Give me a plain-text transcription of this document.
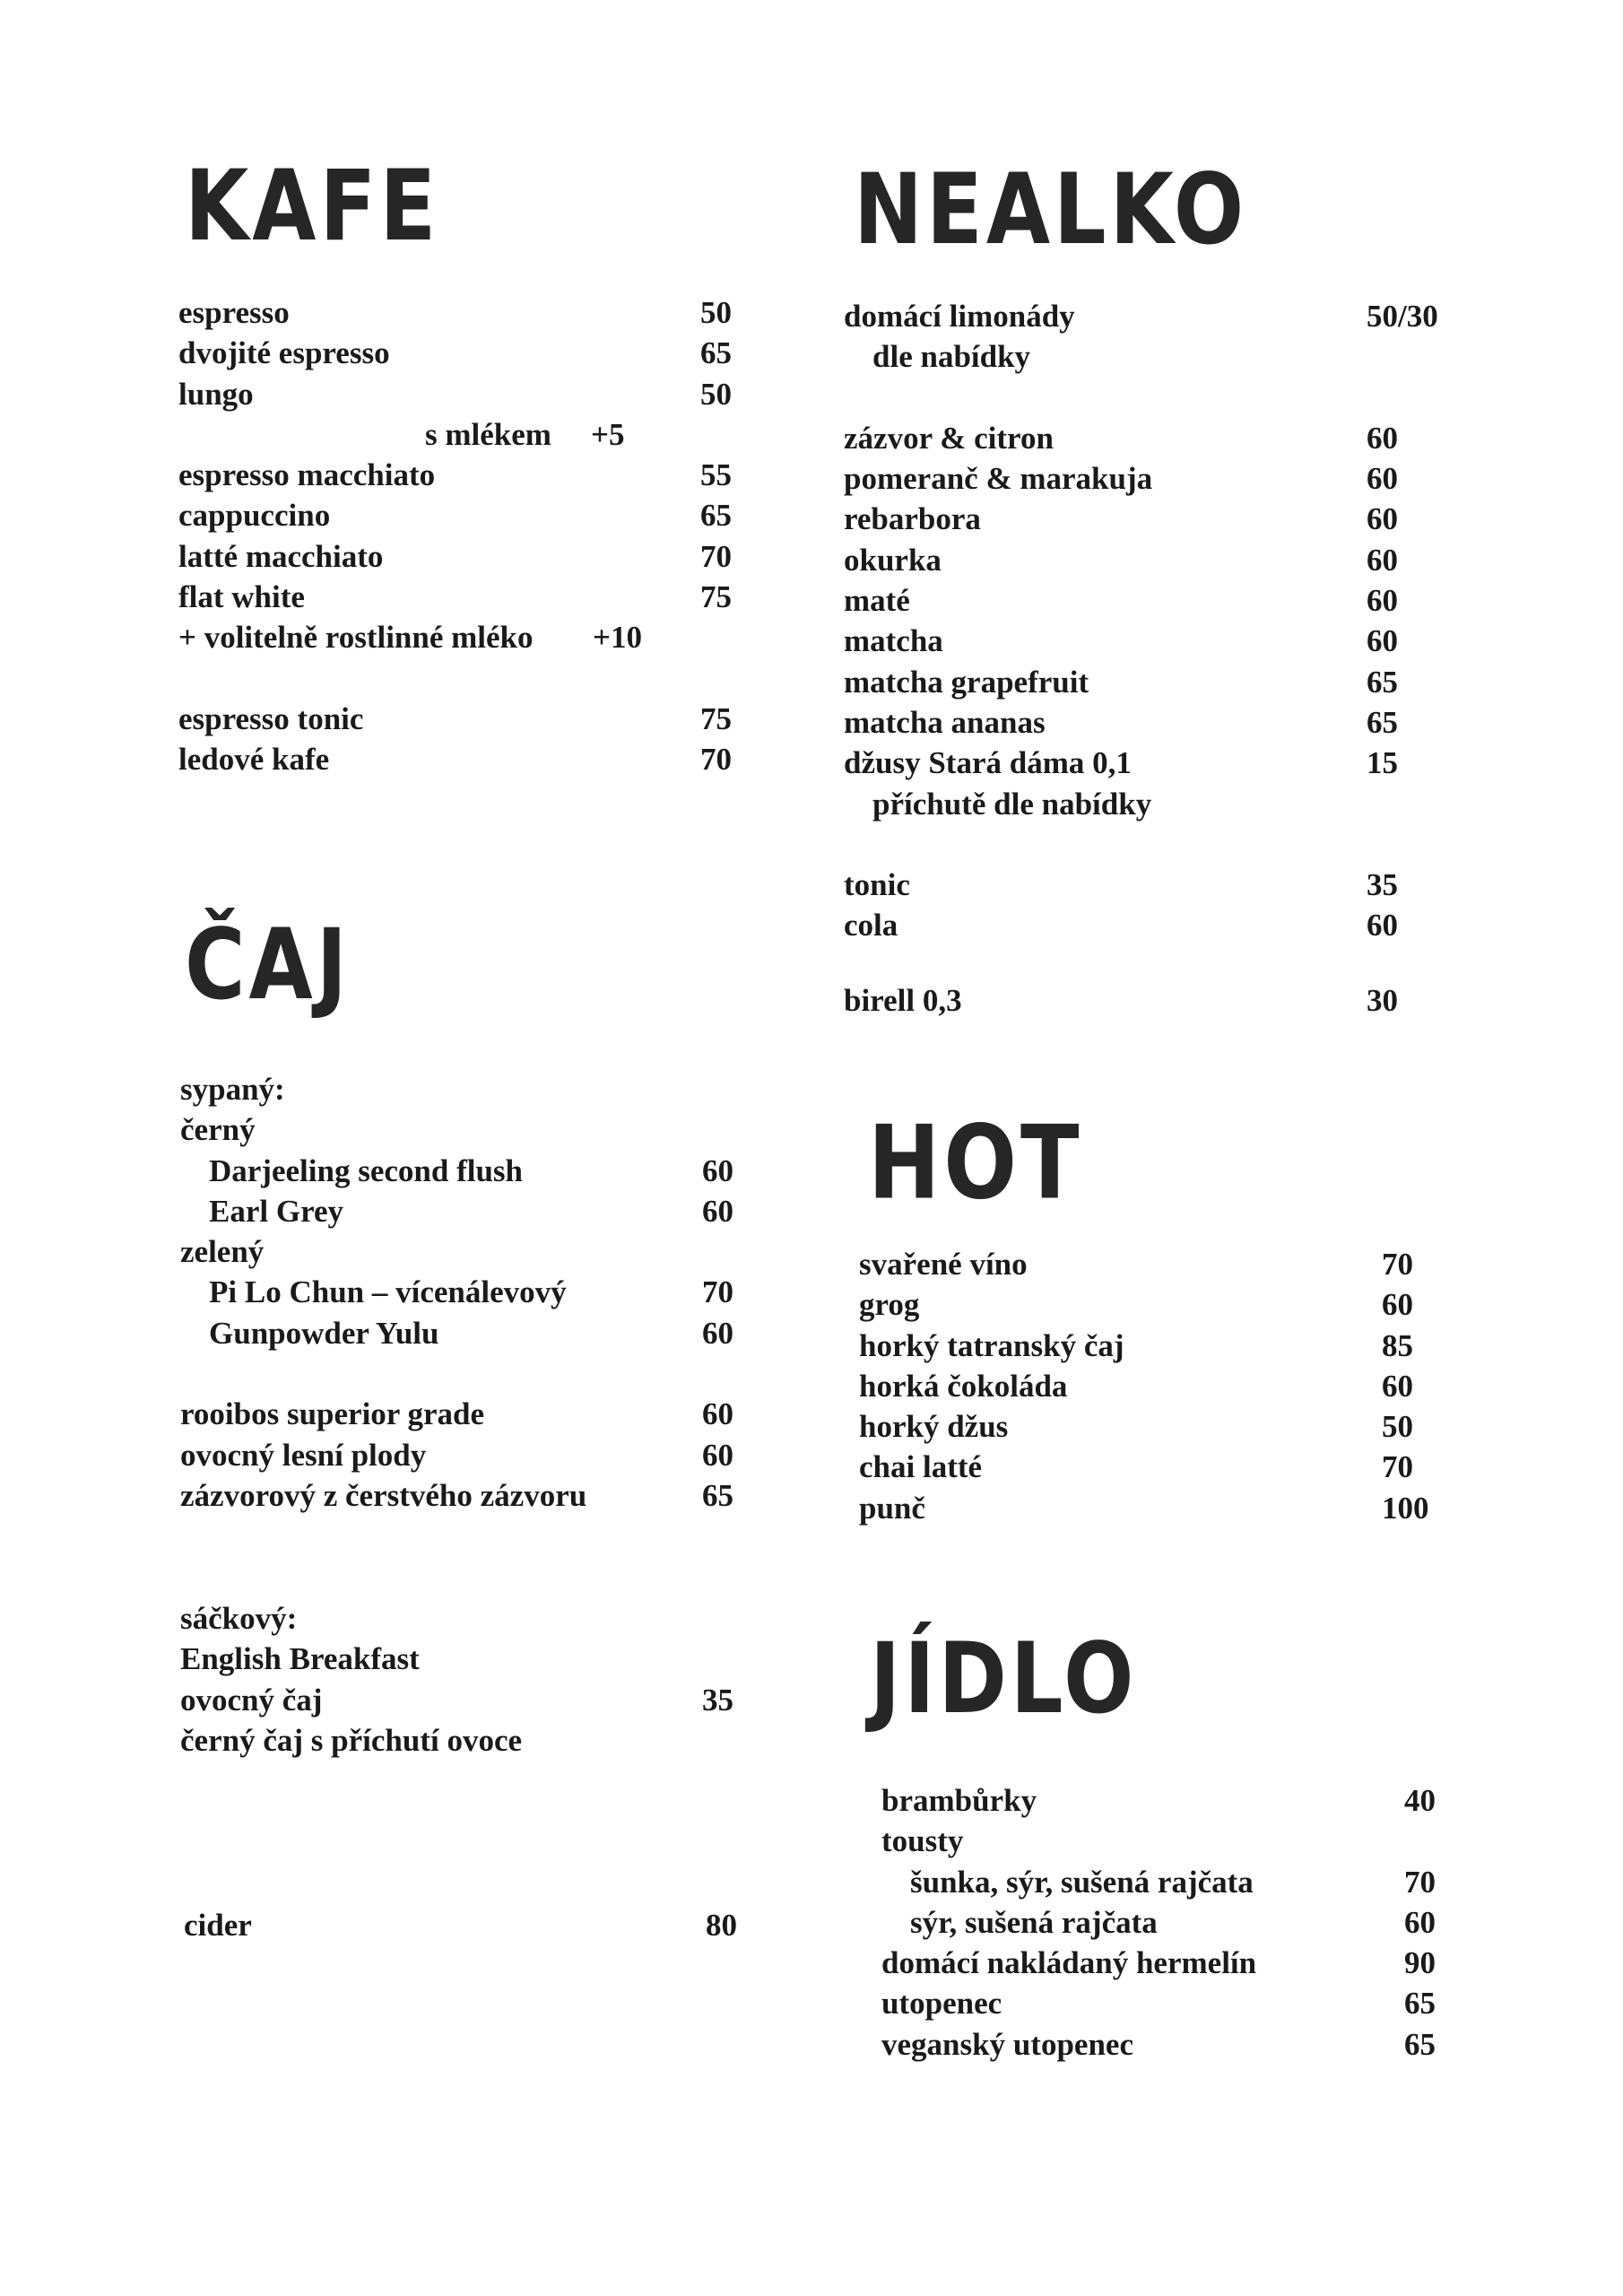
KAFE
espresso	50
dvojité espresso	65
lungo	50
s mlékem +5
espresso macchiato	55
cappuccino	65
latté macchiato	70
flat white	75
+ volitelně rostlinné mléko +10
espresso tonic	75
ledové kafe	70
ČAJ
sypaný:
černý
Darjeeling second flush	60
Earl Grey	60
zelený
Pi Lo Chun – vícenálevový	70
Gunpowder Yulu	60
rooibos superior grade	60
ovocný lesní plody	60
zázvorový z čerstvého zázvoru	65
sáčkový:
English Breakfast
ovocný čaj	35
černý čaj s příchutí ovoce
cider	80
NEALKO
domácí limonády	50/30
dle nabídky
zázvor & citron	60
pomeranč & marakuja	60
rebarbora	60
okurka	60
maté	60
matcha	60
matcha grapefruit	65
matcha ananas	65
džusy Stará dáma 0,1	15
příchutě dle nabídky
tonic	35
cola	60
birell 0,3	30
HOT
svařené víno	70
grog	60
horký tatranský čaj	85
horká čokoláda	60
horký džus	50
chai latté	70
punč	100
JÍDLO
brambůrky	40
tousty
šunka, sýr, sušená rajčata	70
sýr, sušená rajčata	60
domácí nakládaný hermelín	90
utopenec	65
veganský utopenec	65
